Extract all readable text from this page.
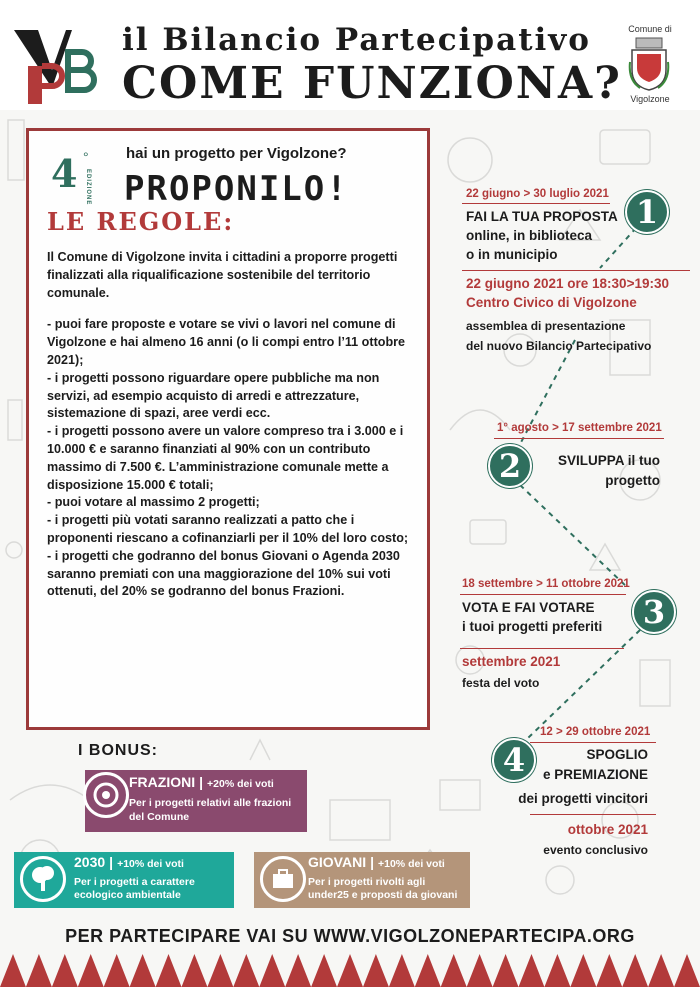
il Bilancio Partecipativo
COME FUNZIONA?
Comune di
Vigolzone
4 °
EDIZIONE
hai un progetto per Vigolzone?
PROPONILO!
LE REGOLE:

Il Comune di Vigolzone invita i cittadini a proporre progetti finalizzati alla riqualificazione sostenibile del territorio comunale.

- puoi fare proposte e votare se vivi o lavori nel comune di Vigolzone e hai almeno 16 anni (o li compi entro l’11 ottobre 2021);

- i progetti possono riguardare opere pubbliche ma non servizi, ad esempio acquisto di arredi e attrezzature, sistemazione di spazi, aree verdi ecc.

- i progetti possono avere un valore compreso tra i 3.000 e i 10.000 € e saranno finanziati al 90% con un contributo massimo di 7.500 €. L’amministrazione comunale mette a disposizione 15.000 € totali;

- puoi votare al massimo 2 progetti;

- i progetti più votati saranno realizzati a patto che i proponenti riescano a cofinanziarli per il 10% del loro costo;

- i progetti che godranno del bonus Giovani o Agenda 2030 saranno premiati con una maggiorazione del 10% sui voti ottenuti, del 20% se godranno del bonus Frazioni.

22 giugno > 30 luglio 2021
FAI LA TUA PROPOSTA
online, in biblioteca
o in municipio
1
22 giugno 2021 ore 18:30>19:30
Centro Civico di Vigolzone
assemblea di presentazione
del nuovo Bilancio Partecipativo
1° agosto > 17 settembre 2021
2	SVILUPPA il tuo
progetto
18 settembre > 11 ottobre 2021
VOTA E FAI VOTARE
i tuoi progetti preferiti	3
settembre 2021
festa del voto
12 > 29 ottobre 2021
4	SPOGLIO
e PREMIAZIONE
dei progetti vincitori
ottobre 2021
evento conclusivo
I BONUS:
FRAZIONI | +20% dei voti
Per i progetti relativi alle frazioni
del Comune
2030 | +10% dei voti
Per i progetti a carattere
ecologico ambientale
GIOVANI | +10% dei voti
Per i progetti rivolti agli
under25 e proposti da giovani
PER PARTECIPARE VAI SU WWW.VIGOLZONEPARTECIPA.ORG
